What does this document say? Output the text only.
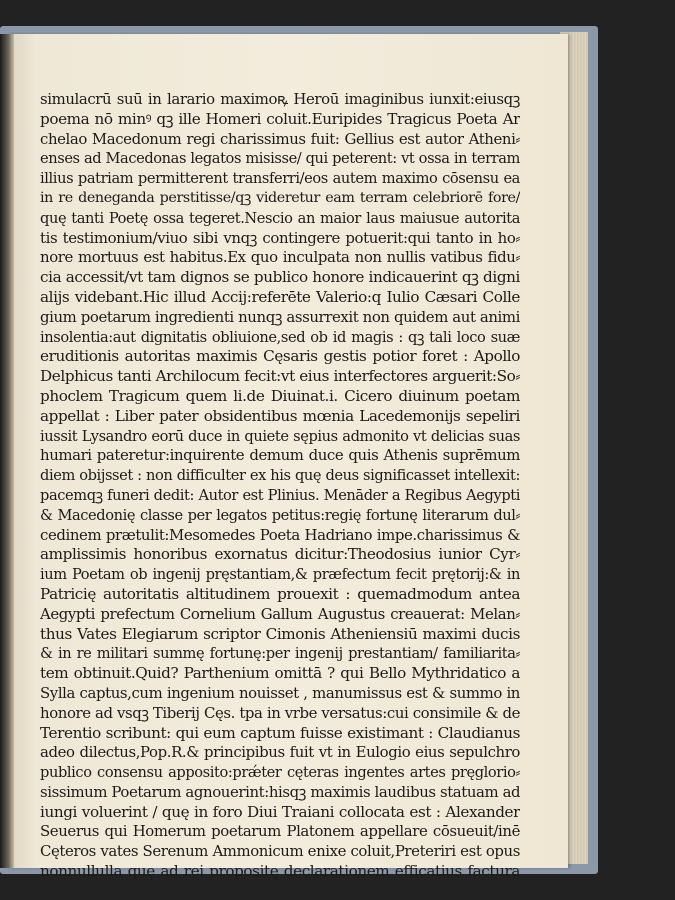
simulacrū suū in larario maximoꝶ Heroū imaginibus iunxit:eiusqꝫ
poema nō minꝰ qꝫ ille Homeri coluit.Euripides Tragicus Poeta Ar
chelao Macedonum regi charissimus fuit: Gellius est autor Atheni⸗
enses ad Macedonas legatos misisse/ qui peterent: vt ossa in terram
illius patriam permitterent transferri/eos autem maximo cōsensu ea
in re deneganda perstitisse/qꝫ videretur eam terram celebriorē fore/
quę tanti Poetę ossa tegeret.Nescio an maior laus maiusue autorita
tis testimonium/viuo sibi vnqꝫ contingere potuerit:qui tanto in ho⸗
nore mortuus est habitus.Ex quo inculpata non nullis vatibus fidu⸗
cia accessit/vt tam dignos se publico honore indicauerint qꝫ digni
alijs videbant.Hic illud Accij:referēte Valerio:q Iulio Cæsari Colle
gium poetarum ingredienti nunqꝫ assurrexit non quidem aut animi
insolentia:aut dignitatis obliuione,sed ob id magis : qꝫ tali loco suæ
eruditionis autoritas maximis Cęsaris gestis potior foret : Apollo
Delphicus tanti Archilocum fecit:vt eius interfectores arguerit:So⸗
phoclem Tragicum quem li.de Diuinat.i. Cicero diuinum poetam
appellat : Liber pater obsidentibus mœnia Lacedemonijs sepeliri
iussit Lysandro eorū duce in quiete sępius admonito vt delicias suas
humari pateretur:inquirente demum duce quis Athenis suprēmum
diem obijsset : non difficulter ex his quę deus significasset intellexit:
pacemqꝫ funeri dedit: Autor est Plinius. Menāder a Regibus Aegypti
& Macedonię classe per legatos petitus:regię fortunę literarum dul⸗
cedinem prætulit:Mesomedes Poeta Hadriano impe.charissimus &
amplissimis honoribus exornatus dicitur:Theodosius iunior Cyr⸗
ium Poetam ob ingenij pręstantiam,& præfectum fecit prętorij:& in
Patricię autoritatis altitudinem prouexit : quemadmodum antea
Aegypti prefectum Cornelium Gallum Augustus creauerat: Melan⸗
thus Vates Elegiarum scriptor Cimonis Atheniensiū maximi ducis
& in re militari summę fortunę:per ingenij prestantiam/ familiarita⸗
tem obtinuit.Quid? Parthenium omittā ? qui Bello Mythridatico a
Sylla captus,cum ingenium nouisset , manumissus est & summo in
honore ad vsqꝫ Tiberij Cęs. tpa in vrbe versatus:cui consimile & de
Terentio scribunt: qui eum captum fuisse existimant : Claudianus
adeo dilectus,Pop.R.& principibus fuit vt in Eulogio eius sepulchro
publico consensu apposito:prǽter cęteras ingentes artes pręglorio⸗
sissimum Poetarum agnouerint:hisqꝫ maximis laudibus statuam ad
iungi voluerint / quę in foro Diui Traiani collocata est : Alexander
Seuerus qui Homerum poetarum Platonem appellare cōsueuit/inē
Cęteros vates Serenum Ammonicum enixe coluit,Preteriri est opus
nonnullulla quę ad rei propositę declarationem efficatius factura
